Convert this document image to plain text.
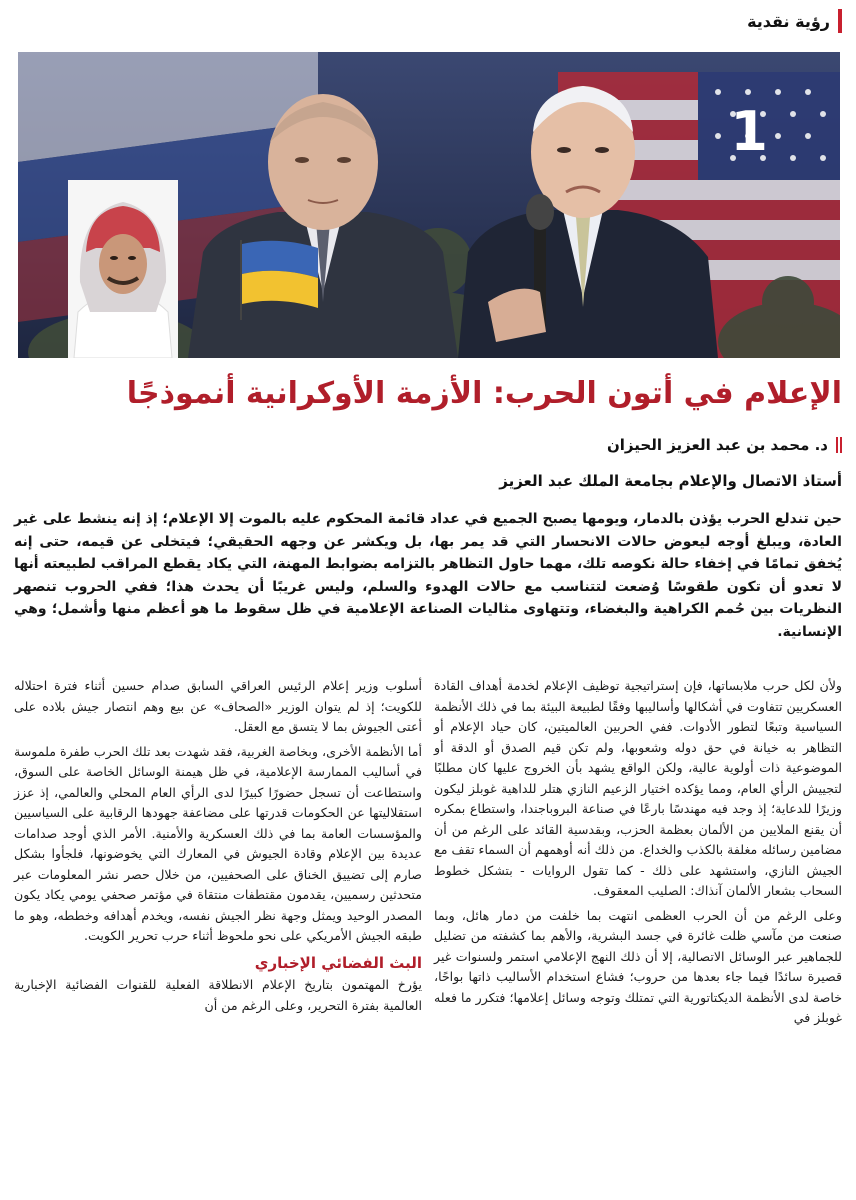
رؤية نقدية
1
الإعلام في أتون الحرب: الأزمة الأوكرانية أنموذجًا
د. محمد بن عبد العزيز الحيزان
أستاذ الاتصال والإعلام بجامعة الملك عبد العزيز

حين تندلع الحرب يؤذن بالدمار، ويومها يصبح الجميع في عداد قائمة المحكوم عليه بالموت إلا الإعلام؛ إذ إنه ينشط على غير العادة، ويبلغ أوجه ليعوض حالات الانحسار التي قد يمر بها، بل ويكشر عن وجهه الحقيقي؛ فيتخلى عن قيمه، حتى إنه يُخفق تمامًا في إخفاء حالة نكوصه تلك، مهما حاول التظاهر بالتزامه بضوابط المهنة، التي يكاد يقطع المراقب لطبيعته أنها لا تعدو أن تكون طقوسًا وُضعت لتتناسب مع حالات الهدوء والسلم، وليس غريبًا أن يحدث هذا؛ ففي الحروب تنصهر النظريات بين حُمم الكراهية والبغضاء، وتتهاوى مثاليات الصناعة الإعلامية في ظل سقوط ما هو أعظم منها وأشمل؛ وهي الإنسانية.

ولأن لكل حرب ملابساتها، فإن إستراتيجية توظيف الإعلام لخدمة أهداف القادة العسكريين تتفاوت في أشكالها وأساليبها وفقًا لطبيعة البيئة بما في ذلك الأنظمة السياسية وتبعًا لتطور الأدوات. ففي الحربين العالميتين، كان حياد الإعلام أو التظاهر به خيانة في حق دوله وشعوبها، ولم تكن قيم الصدق أو الدقة أو الموضوعية ذات أولوية عالية، ولكن الواقع يشهد بأن الخروج عليها كان مطلبًا لتجييش الرأي العام، ومما يؤكده اختيار الزعيم النازي هتلر للداهية غوبلز ليكون وزيرًا للدعاية؛ إذ وجد فيه مهندسًا بارعًا في صناعة البروباجندا، واستطاع بمكره أن يقنع الملايين من الألمان بعظمة الحزب، وبقدسية القائد على الرغم من أن مضامين رسائله مغلفة بالكذب والخداع. من ذلك أنه أوهمهم أن السماء تقف مع الجيش النازي، واستشهد على ذلك - كما تقول الروايات - بتشكل خطوط السحاب بشعار الألمان آنذاك: الصليب المعقوف.

وعلى الرغم من أن الحرب العظمى انتهت بما خلفت من دمار هائل، وبما صنعت من مآسي ظلت غائرة في جسد البشرية، والأهم بما كشفته من تضليل للجماهير عبر الوسائل الاتصالية، إلا أن ذلك النهج الإعلامي استمر ولسنوات غير قصيرة سائدًا فيما جاء بعدها من حروب؛ فشاع استخدام الأساليب ذاتها بواحًا، خاصة لدى الأنظمة الديكتاتورية التي تمتلك وتوجه وسائل إعلامها؛ فتكرر ما فعله غوبلز في

أسلوب وزير إعلام الرئيس العراقي السابق صدام حسين أثناء فترة احتلاله للكويت؛ إذ لم يتوان الوزير «الصحاف» عن بيع وهم انتصار جيش بلاده على أعتى الجيوش بما لا يتسق مع العقل.

أما الأنظمة الأخرى، وبخاصة الغربية، فقد شهدت بعد تلك الحرب طفرة ملموسة في أساليب الممارسة الإعلامية، في ظل هيمنة الوسائل الخاصة على السوق، واستطاعت أن تسجل حضورًا كبيرًا لدى الرأي العام المحلي والعالمي، إذ عزز استقلاليتها عن الحكومات قدرتها على مضاعفة جهودها الرقابية على السياسيين والمؤسسات العامة بما في ذلك العسكرية والأمنية. الأمر الذي أوجد صدامات عديدة بين الإعلام وقادة الجيوش في المعارك التي يخوضونها، فلجأوا بشكل صارم إلى تضييق الخناق على الصحفيين، من خلال حصر نشر المعلومات عبر متحدثين رسميين، يقدمون مقتطفات منتقاة في مؤتمر صحفي يومي يكاد يكون المصدر الوحيد ويمثل وجهة نظر الجيش نفسه، ويخدم أهدافه وخططه، وهو ما طبقه الجيش الأمريكي على نحو ملحوظ أثناء حرب تحرير الكويت.

البث الفضائي الإخباري

يؤرخ المهتمون بتاريخ الإعلام الانطلاقة الفعلية للقنوات الفضائية الإخبارية العالمية بفترة التحرير، وعلى الرغم من أن
